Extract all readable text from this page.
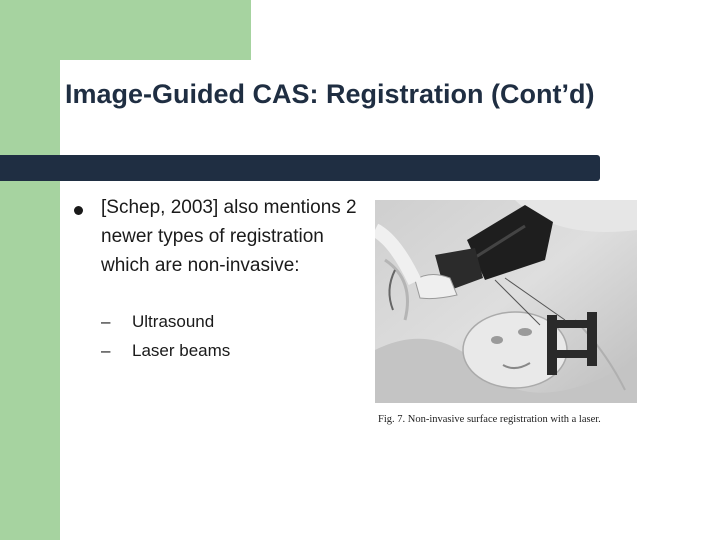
Image-Guided CAS: Registration (Cont’d)
[Schep, 2003] also mentions 2 newer types of registration which are non-invasive:
– Ultrasound
– Laser beams
Fig. 7. Non-invasive surface registration with a laser.
